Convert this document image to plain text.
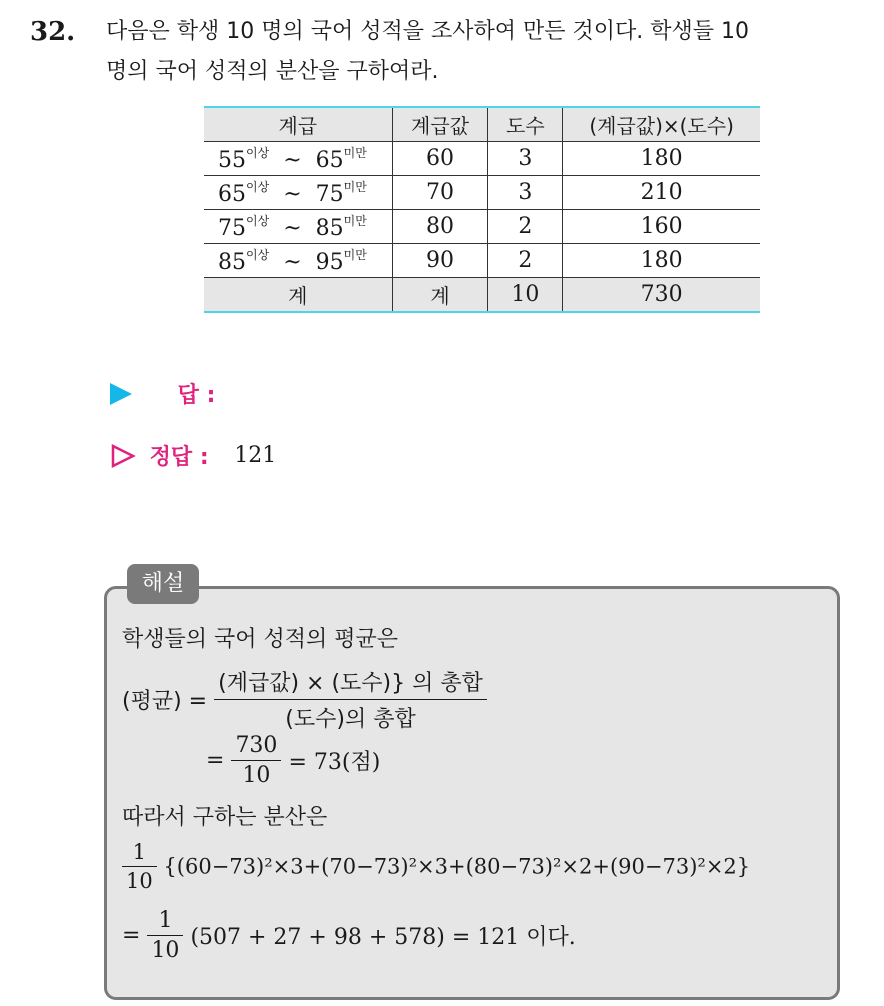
32. 다음은 학생 10 명의 국어 성적을 조사하여 만든 것이다. 학생들 10
명의 국어 성적의 분산을 구하여라.
계급	계급값	도수	(계급값)×(도수)
$55^{이상}$ ~ $65^{미만}$	60	3	180
$65^{이상}$ ~ $75^{미만}$	70	3	210
$75^{이상}$ ~ $85^{미만}$	80	2	160
$85^{이상}$ ~ $95^{미만}$	90	2	180
계	계	10	730
답 :
정답 : 121
해설
학생들의 국어 성적의 평균은
(평균) = $\frac{\text{(계급값) × (도수)\} 의 총합}}{\text{(도수)의 총합}}$
= $\frac{730}{10} = 73$(점)
따라서 구하는 분산은
$\frac{1}{10} \{(60-73)^2\times 3+(70-73)^2\times 3+(80-73)^2\times 2+(90-73)^2\times 2\}$
= $\frac{1}{10} (507 + 27 + 98 + 578) = 121$ 이다.
